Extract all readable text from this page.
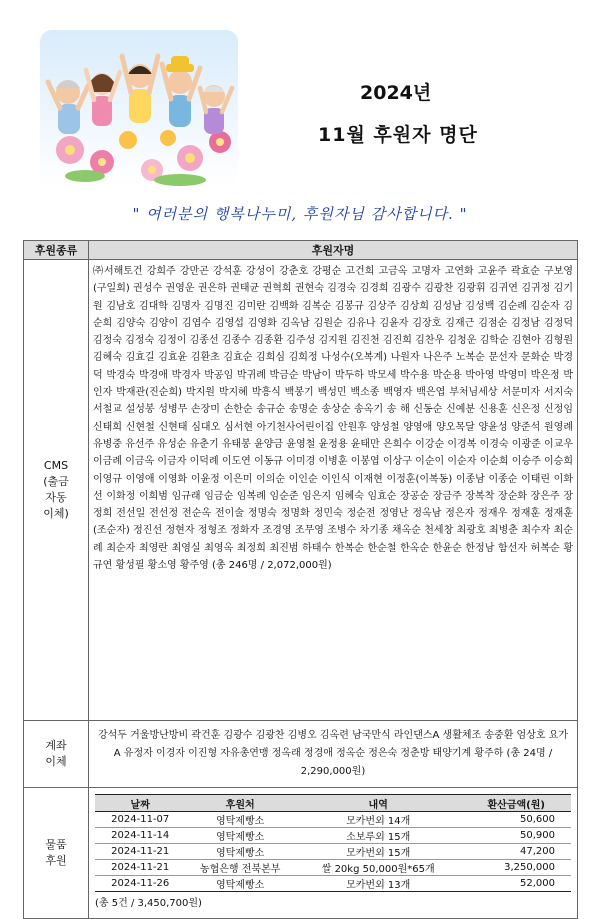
2024년
11월 후원자 명단
" 여러분의 행복나누미, 후원자님 감사합니다. "
후원종류	후원자명

CMS
(출금
자동
이체)
	㈜서해토건 강희주 강만곤 강석훈 강성이 강춘호 강평순 고건희 고금옥 고명자 고연화 고윤주 곽효순 구보영(구일회) 권성수 권영운 권은하 권태균 권혁희 권현숙 김경숙 김경희 김광수 김광찬 김광휘 김귀연 김귀정 김기원 김남호 김대학 김명자 김명진 김미란 김백화 김복순 김봉규 김상주 김상희 김성남 김성백 김순례 김순자 김순희 김양숙 김양이 김엽수 김영섭 김영화 김옥남 김원순 김유나 김윤자 김장호 김재근 김점순 김정남 김정덕 김정숙 김정숙 김정이 김종선 김종수 김종환 김주성 김지원 김진천 김진희 김찬우 김청운 김학순 김현아 김형원 김혜숙 김효길 김효윤 김환초 김효순 김희심 김희정 나성수(오복계) 나원자 나은주 노복순 문선자 문화순 박경덕 박경숙 박경애 박경자 박공임 박귀례 박금순 박남이 박두하 박모세 박수용 박순용 박아영 박영미 박은정 박인자 박재관(진순희) 박지원 박지혜 박흥식 백봉기 백성민 백소종 백영자 백은엽 부처님세상 서문미자 서지숙 서철교 설성봉 성병무 손장미 손한순 송규순 송명순 송상순 송옥기 송 해 신동순 신예분 신용훈 신은정 신정임 신태희 신현철 신현태 심대오 심서현 아기천사어린이집 안원후 양성철 양영애 양오목달 양윤성 양준석 원영례 유병중 유선주 유성순 유춘기 유태봉 윤양금 윤영철 윤정용 윤태만 은희수 이강순 이경복 이경숙 이광준 이교우 이금례 이금옥 이금자 이덕례 이도연 이동규 이미경 이병훈 이봉엽 이상구 이순이 이순자 이순희 이승주 이승희 이영규 이영애 이영화 이윤정 이은미 이의순 이인순 이인식 이재현 이정훈(이복동) 이종남 이종순 이태린 이화선 이화정 이희범 임규래 임금순 임복례 임순준 임은지 임혜숙 임효순 장공순 장금주 장복착 장순화 장은주 장정희 전선일 전선정 전순옥 전이술 정명숙 정명화 정민숙 정순전 정영난 정옥남 정은자 정재우 정재훈 정재훈(조순자) 정진선 정현자 정형조 정화자 조경영 조무영 조병수 차기종 채옥순 천세창 최광호 최병춘 최수자 최순례 최순자 최영란 최영실 최영옥 최정희 최진범 하태수 한복순 한순철 한옥순 한윤순 한정남 함선자 허복순 황규연 황성필 황소영 황주영 (총 246명 / 2,072,000원)

계좌
이체
	강석두 거울방난방비 곽건훈 김광수 김광찬 김병오 김옥련 남국만식 라인댄스A 생활체조 송중환 엄상호 요가A 유정자 이경자 이진형 자유총연맹 정옥래 정경애 정옥순 정은숙 정춘방 태양기계 황주하 (총 24명 / 2,290,000원)

물품
후원

날짜	후원처	내역	환산금액(원)
2024-11-07	영탁제빵소	모카번외 14개	50,600
2024-11-14	영탁제빵소	소보루외 15개	50,900
2024-11-21	영탁제빵소	모카번외 15개	47,200
2024-11-21	농협은행 전북본부	쌀 20kg 50,000원*65개	3,250,000
2024-11-26	영탁제빵소	모카번외 13개	52,000
(총 5건 / 3,450,700원)
